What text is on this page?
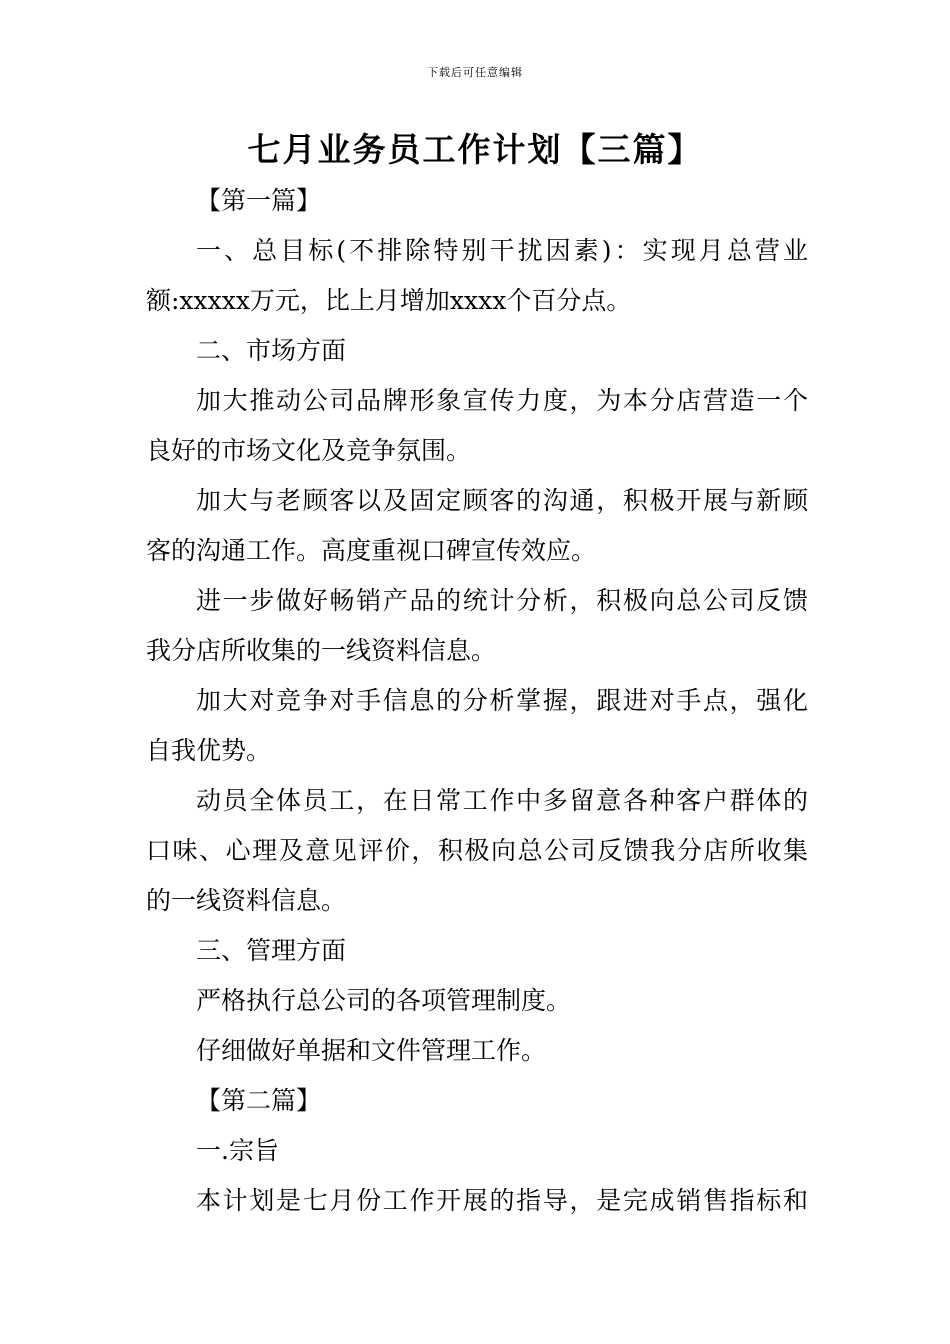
下载后可任意编辑
七月业务员工作计划【三篇】
【第一篇】
一、总目标(不排除特别干扰因素)：实现月总营业
额:xxxxx万元，比上月增加xxxx个百分点。
二、市场方面
加大推动公司品牌形象宣传力度，为本分店营造一个
良好的市场文化及竞争氛围。
加大与老顾客以及固定顾客的沟通，积极开展与新顾
客的沟通工作。高度重视口碑宣传效应。
进一步做好畅销产品的统计分析，积极向总公司反馈
我分店所收集的一线资料信息。
加大对竞争对手信息的分析掌握，跟进对手点，强化
自我优势。
动员全体员工，在日常工作中多留意各种客户群体的
口味、心理及意见评价，积极向总公司反馈我分店所收集
的一线资料信息。
三、管理方面
严格执行总公司的各项管理制度。
仔细做好单据和文件管理工作。
【第二篇】
一.宗旨
本计划是七月份工作开展的指导，是完成销售指标和
